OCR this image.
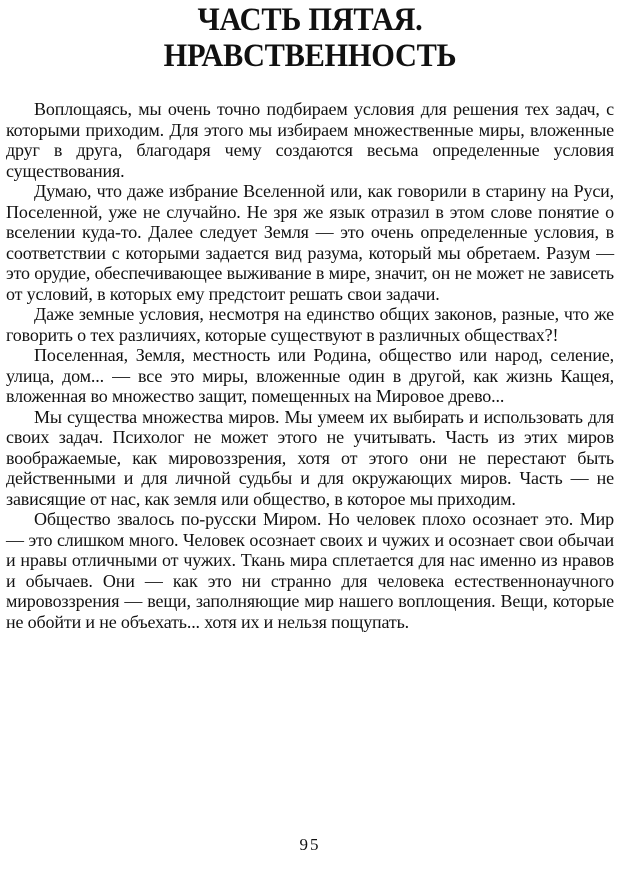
ЧАСТЬ ПЯТАЯ.
НРАВСТВЕННОСТЬ

Воплощаясь, мы очень точно подбираем условия для решения тех задач, с которыми приходим. Для этого мы избираем множественные миры, вложенные друг в друга, благодаря чему создаются весьма определенные условия существования.

Думаю, что даже избрание Вселенной или, как говорили в старину на Руси, Поселенной, уже не случайно. Не зря же язык отразил в этом слове понятие о вселении куда-то. Далее следует Земля — это очень определенные условия, в соответствии с которыми задается вид разума, который мы обретаем. Разум — это орудие, обеспечивающее выживание в мире, значит, он не может не зависеть от условий, в которых ему предстоит решать свои задачи.

Даже земные условия, несмотря на единство общих законов, разные, что же говорить о тех различиях, которые существуют в различных обществах?!

Поселенная, Земля, местность или Родина, общество или народ, селение, улица, дом... — все это миры, вложенные один в другой, как жизнь Кащея, вложенная во множество защит, помещенных на Мировое древо...

Мы существа множества миров. Мы умеем их выбирать и использовать для своих задач. Психолог не может этого не учитывать. Часть из этих миров воображаемые, как мировоззрения, хотя от этого они не перестают быть действенными и для личной судьбы и для окружающих миров. Часть — не зависящие от нас, как земля или общество, в которое мы приходим.

Общество звалось по-русски Миром. Но человек плохо осознает это. Мир — это слишком много. Человек осознает своих и чужих и осознает свои обычаи и нравы отличными от чужих. Ткань мира сплетается для нас именно из нравов и обычаев. Они — как это ни странно для человека естественнонаучного мировоззрения — вещи, заполняющие мир нашего воплощения. Вещи, которые не обойти и не объехать... хотя их и нельзя пощупать.

95
